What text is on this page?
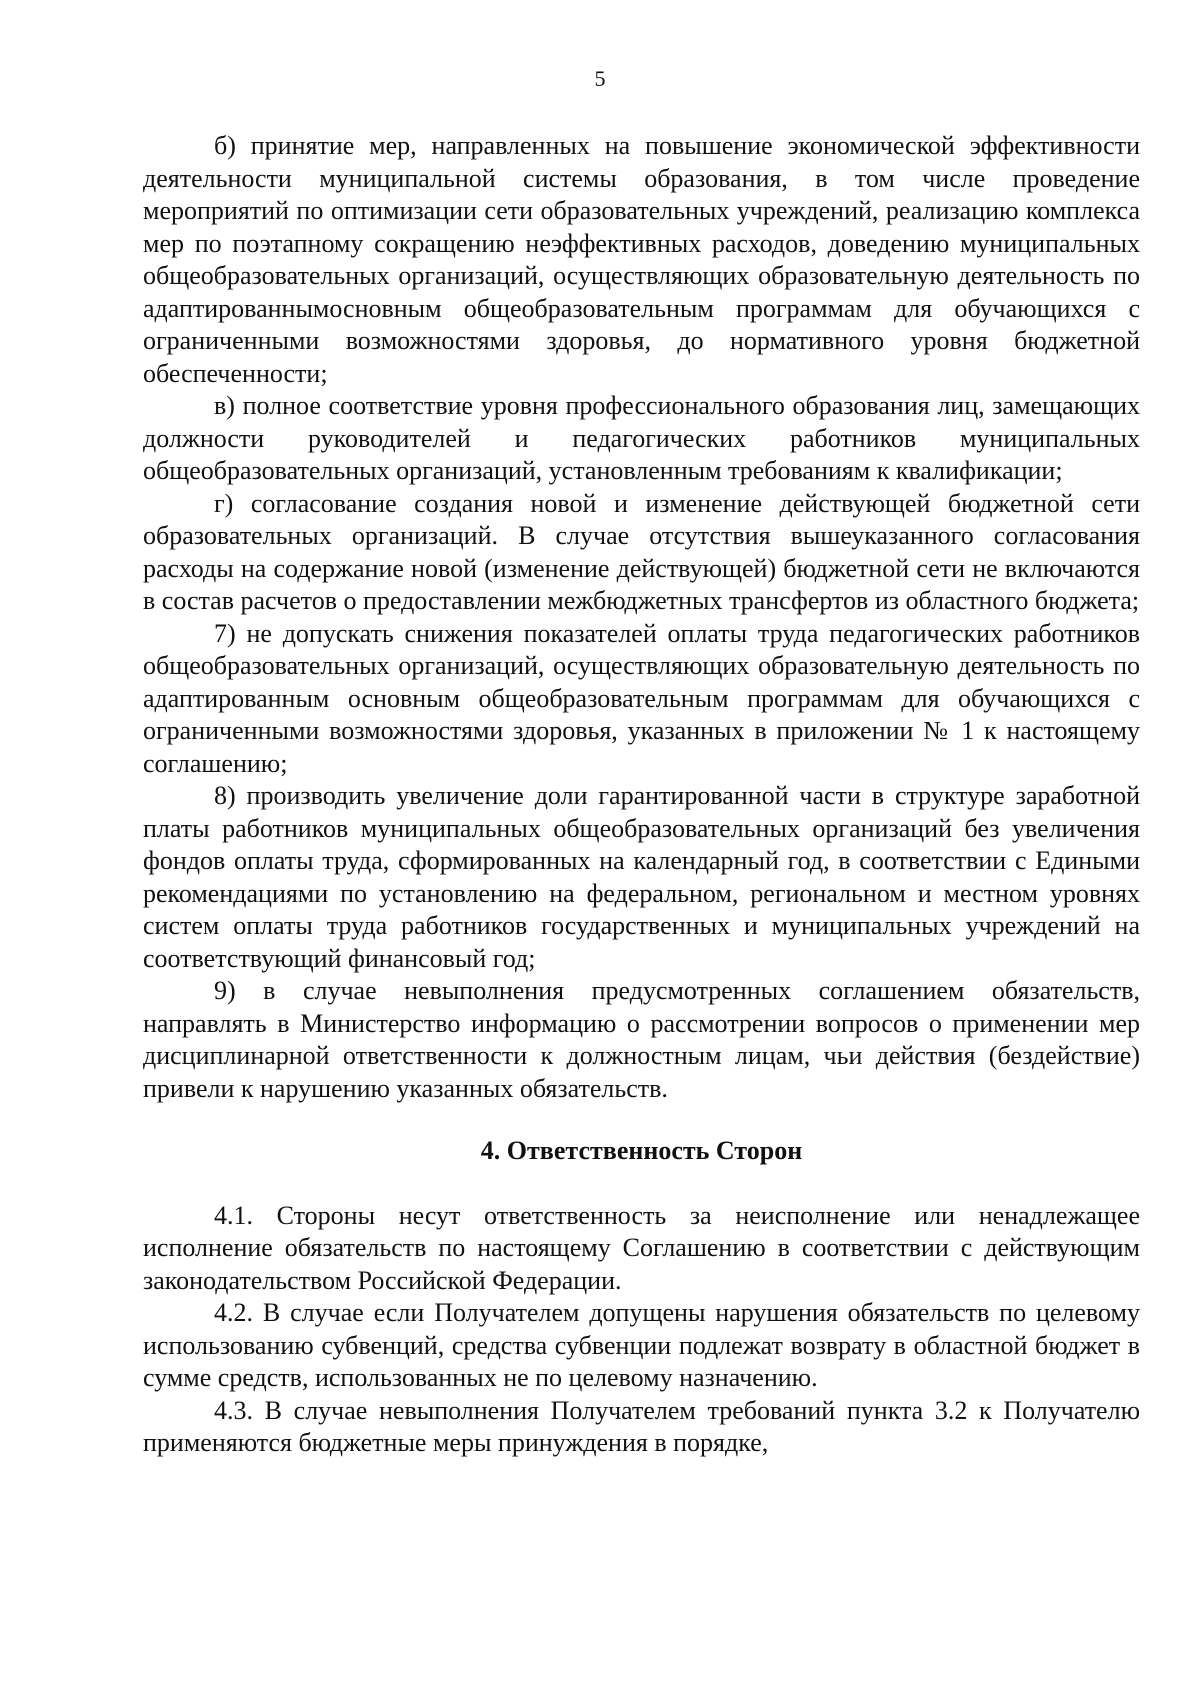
5

б) принятие мер, направленных на повышение экономической эффективности деятельности муниципальной системы образования, в том числе проведение мероприятий по оптимизации сети образовательных учреждений, реализацию комплекса мер по поэтапному сокращению неэффективных расходов, доведению муниципальных общеобразовательных организаций, осуществляющих образовательную деятельность по адаптированнымосновным общеобразовательным программам для обучающихся с ограниченными возможностями здоровья, до нормативного уровня бюджетной обеспеченности;

в) полное соответствие уровня профессионального образования лиц, замещающих должности руководителей и педагогических работников муниципальных общеобразовательных организаций, установленным требованиям к квалификации;

г) согласование создания новой и изменение действующей бюджетной сети образовательных организаций. В случае отсутствия вышеуказанного согласования расходы на содержание новой (изменение действующей) бюджетной сети не включаются в состав расчетов о предоставлении межбюджетных трансфертов из областного бюджета;

7) не допускать снижения показателей оплаты труда педагогических работников общеобразовательных организаций, осуществляющих образовательную деятельность по адаптированным основным общеобразовательным программам для обучающихся с ограниченными возможностями здоровья, указанных в приложении № 1 к настоящему соглашению;

8) производить увеличение доли гарантированной части в структуре заработной платы работников муниципальных общеобразовательных организаций без увеличения фондов оплаты труда, сформированных на календарный год, в соответствии с Едиными рекомендациями по установлению на федеральном, региональном и местном уровнях систем оплаты труда работников государственных и муниципальных учреждений на соответствующий финансовый год;

9) в случае невыполнения предусмотренных соглашением обязательств, направлять в Министерство информацию о рассмотрении вопросов о применении мер дисциплинарной ответственности к должностным лицам, чьи действия (бездействие) привели к нарушению указанных обязательств.

4. Ответственность Сторон

4.1. Стороны несут ответственность за неисполнение или ненадлежащее исполнение обязательств по настоящему Соглашению в соответствии с действующим законодательством Российской Федерации.

4.2. В случае если Получателем допущены нарушения обязательств по целевому использованию субвенций, средства субвенции подлежат возврату в областной бюджет в сумме средств, использованных не по целевому назначению.

4.3. В случае невыполнения Получателем требований пункта 3.2 к Получателю применяются бюджетные меры принуждения в порядке,
